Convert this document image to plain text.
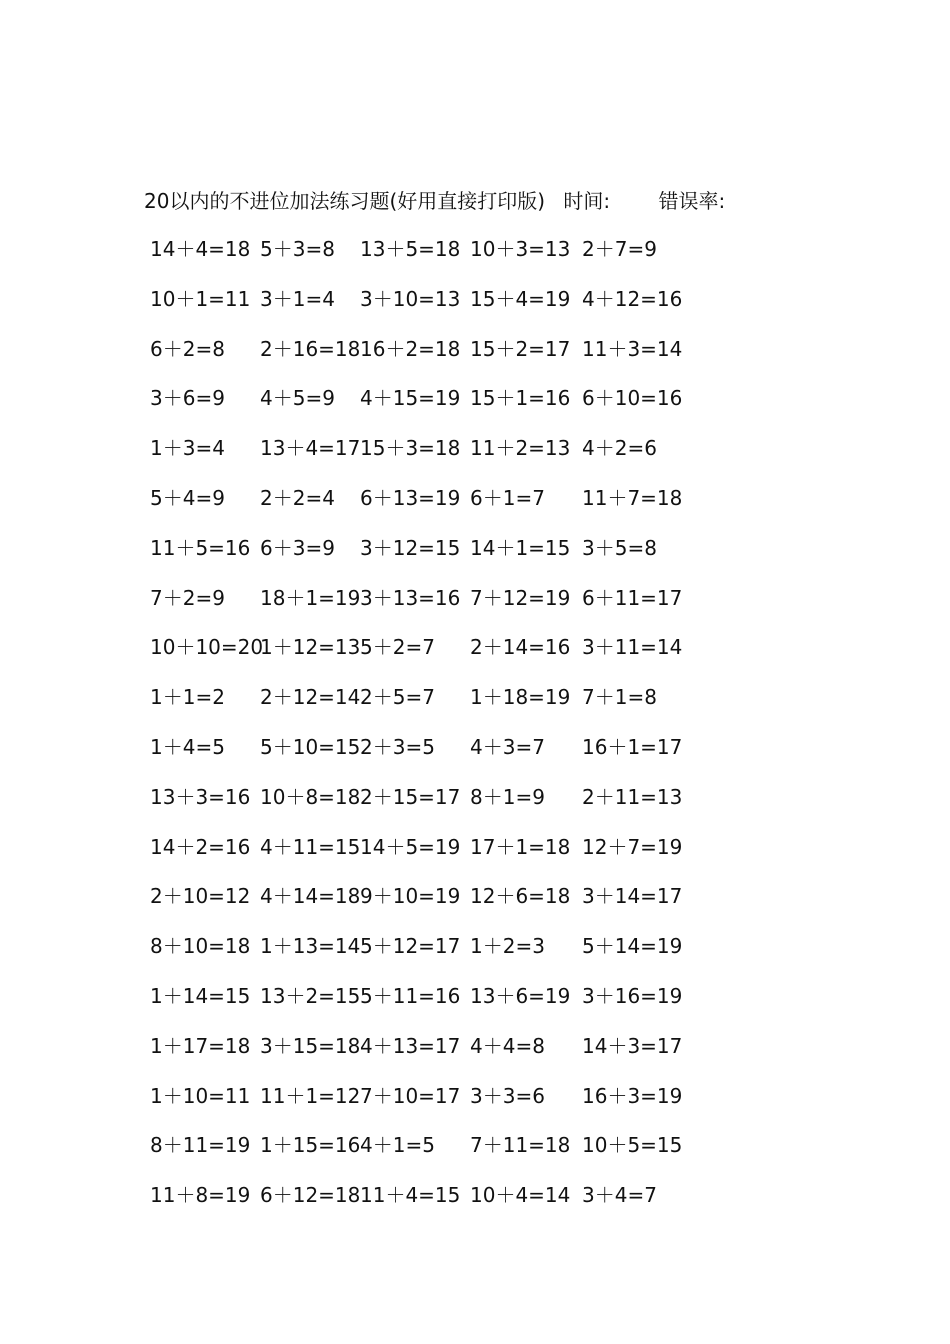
20以内的不进位加法练习题(好用直接打印版) 时间: 错误率:
14＋4=18 5＋3=8 13＋5=18 10＋3=13 2＋7=9
10＋1=11 3＋1=4 3＋10=13 15＋4=19 4＋12=16
6＋2=8 2＋16=18 16＋2=18 15＋2=17 11＋3=14
3＋6=9 4＋5=9 4＋15=19 15＋1=16 6＋10=16
1＋3=4 13＋4=17 15＋3=18 11＋2=13 4＋2=6
5＋4=9 2＋2=4 6＋13=19 6＋1=7 11＋7=18
11＋5=16 6＋3=9 3＋12=15 14＋1=15 3＋5=8
7＋2=9 18＋1=19 3＋13=16 7＋12=19 6＋11=17
10＋10=20
1＋12=13 5＋2=7 2＋14=16 3＋11=14
1＋1=2 2＋12=14 2＋5=7 1＋18=19 7＋1=8
1＋4=5 5＋10=15 2＋3=5 4＋3=7 16＋1=17
13＋3=16 10＋8=18 2＋15=17 8＋1=9 2＋11=13
14＋2=16 4＋11=15 14＋5=19 17＋1=18 12＋7=19
2＋10=12 4＋14=18 9＋10=19 12＋6=18 3＋14=17
8＋10=18 1＋13=14 5＋12=17 1＋2=3 5＋14=19
1＋14=15 13＋2=15 5＋11=16 13＋6=19 3＋16=19
1＋17=18 3＋15=18 4＋13=17 4＋4=8 14＋3=17
1＋10=11 11＋1=12 7＋10=17 3＋3=6 16＋3=19
8＋11=19 1＋15=16 4＋1=5 7＋11=18 10＋5=15
11＋8=19 6＋12=18 11＋4=15 10＋4=14 3＋4=7
